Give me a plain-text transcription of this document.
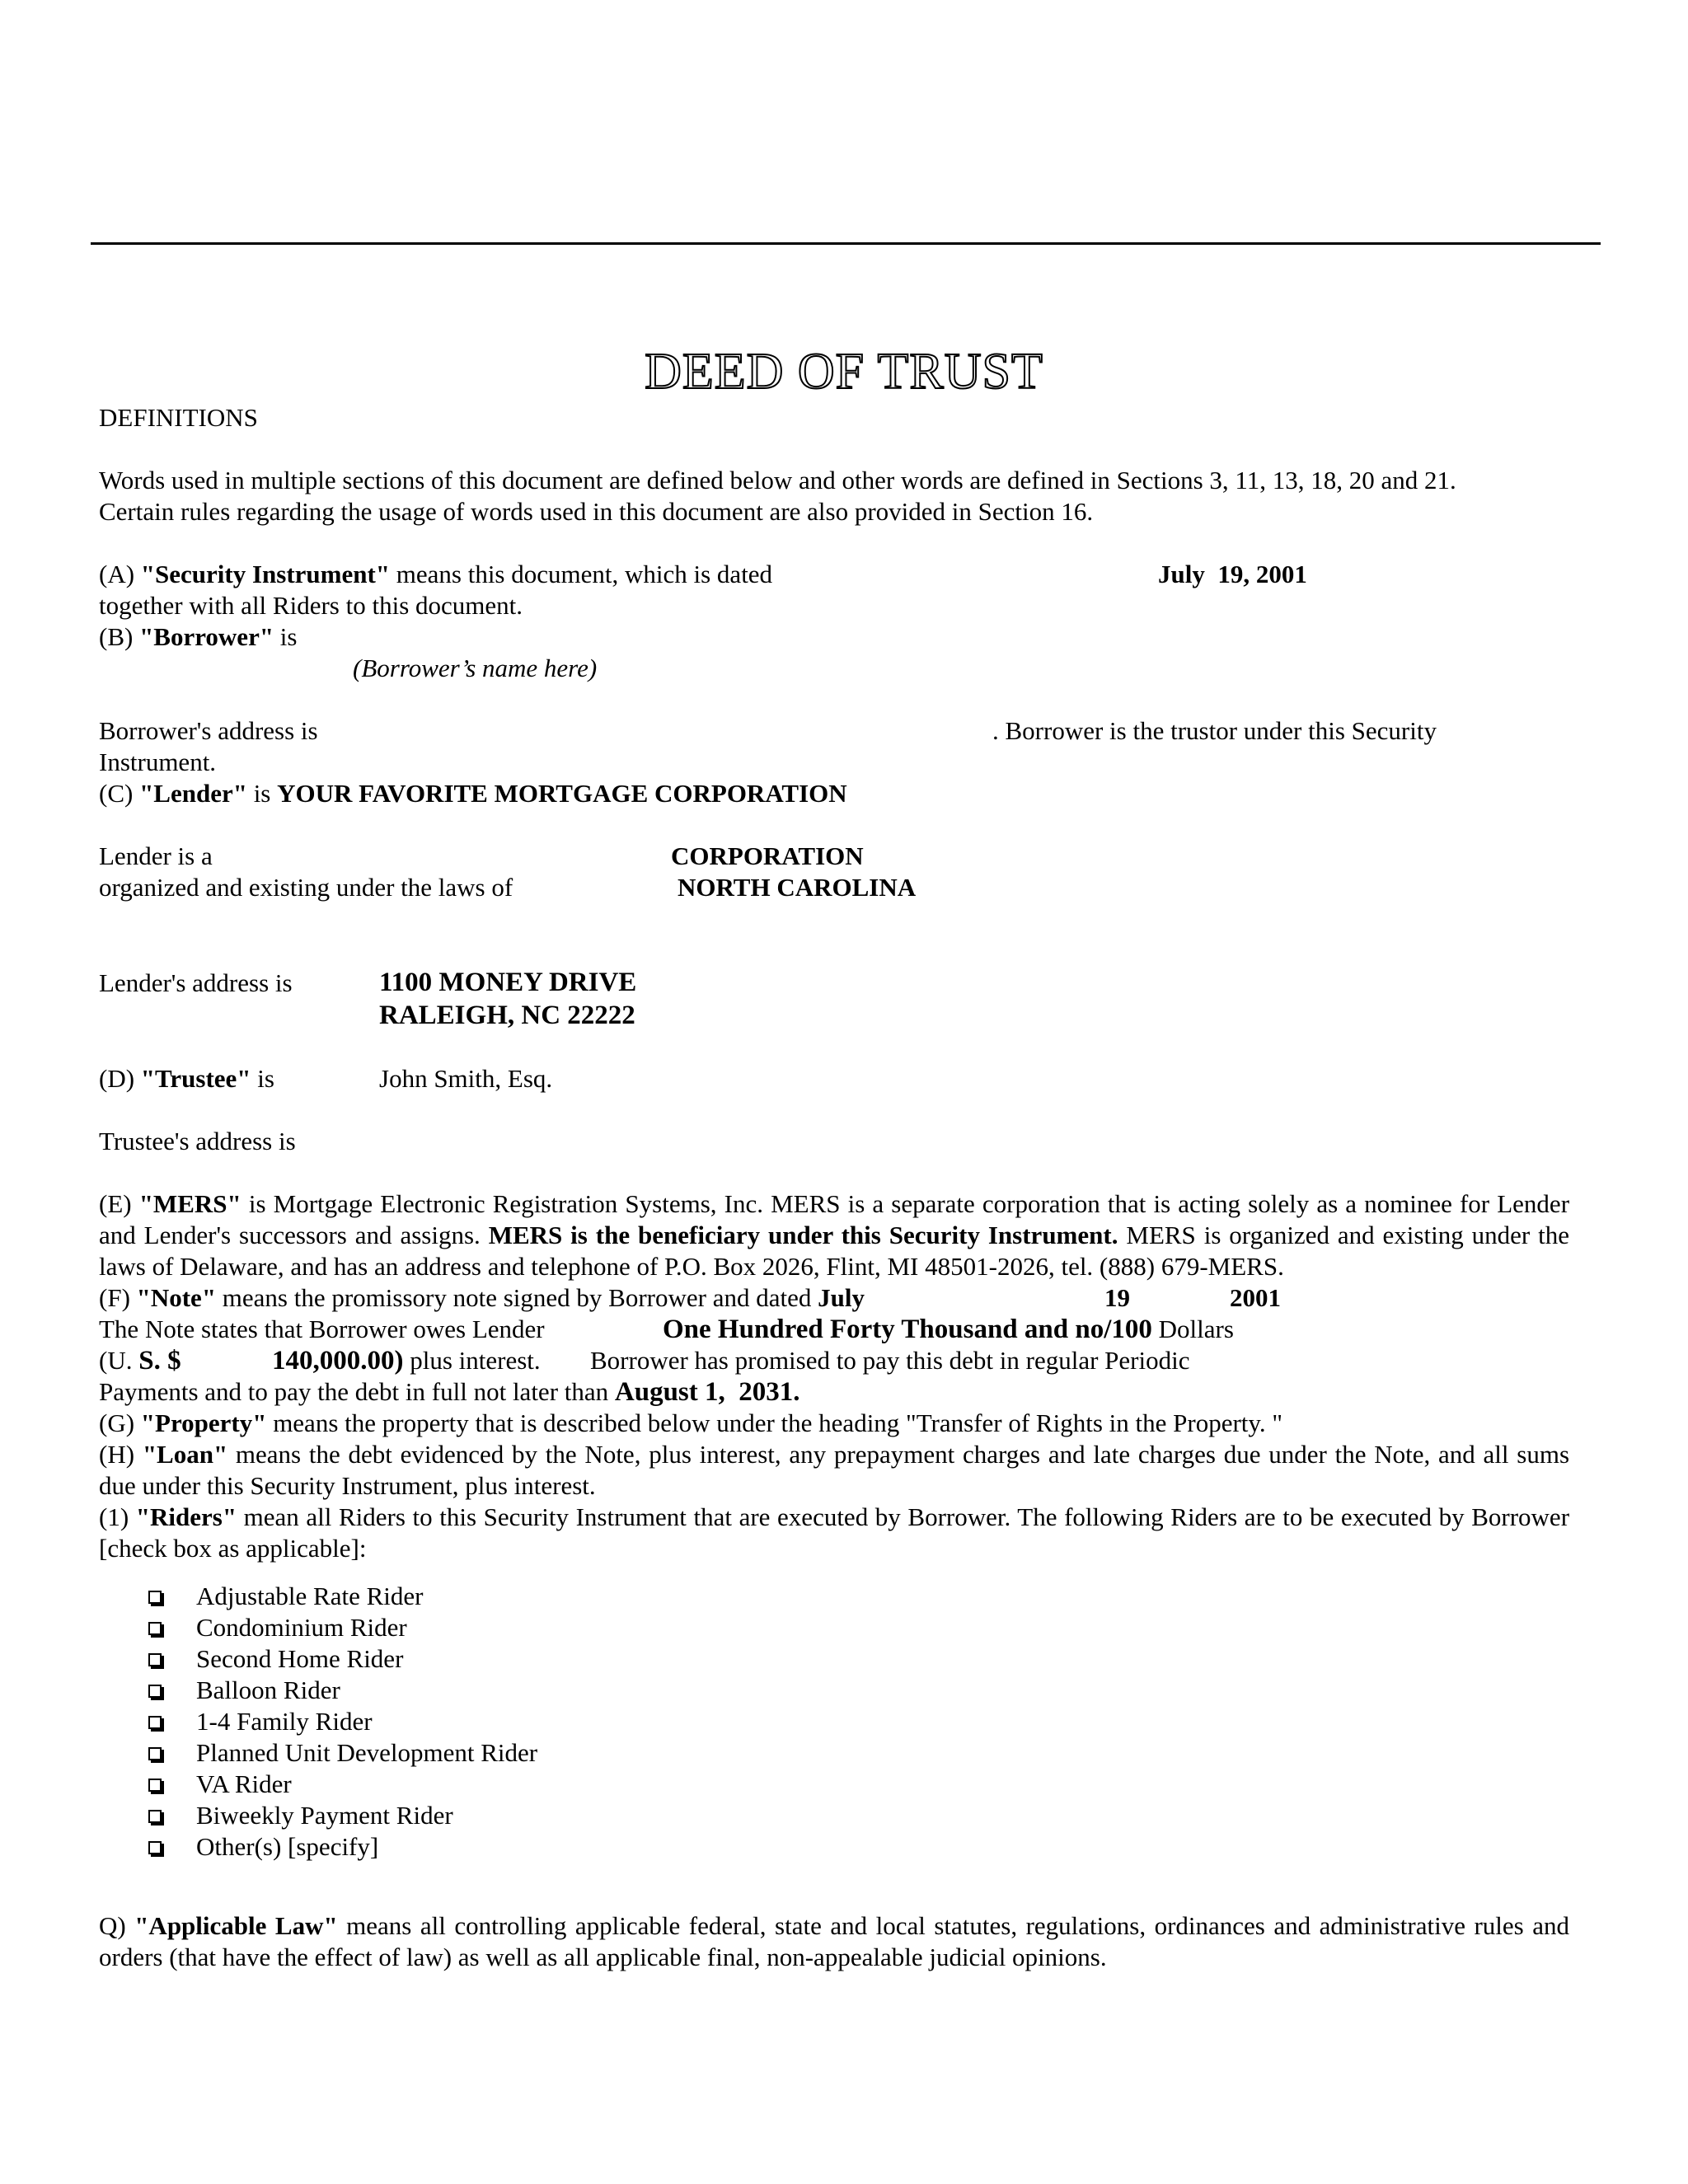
DEED OF TRUST
DEFINITIONS
Words used in multiple sections of this document are defined below and other words are defined in Sections 3, 11, 13, 18, 20 and 21.
Certain rules regarding the usage of words used in this document are also provided in Section 16.
(A) "Security Instrument" means this document, which is dated	July  19, 2001
together with all Riders to this document.
(B) "Borrower" is
(Borrower’s name here)
Borrower's address is	. Borrower is the trustor under this Security
Instrument.
(C) "Lender" is YOUR FAVORITE MORTGAGE CORPORATION
Lender is a	CORPORATION
organized and existing under the laws of	NORTH CAROLINA
Lender's address is	1100 MONEY DRIVE
RALEIGH, NC 22222
(D) "Trustee" is	John Smith, Esq.
Trustee's address is
(E) "MERS" is Mortgage Electronic Registration Systems, Inc. MERS is a separate corporation that is acting solely as a nominee for Lender and Lender's successors and assigns. MERS is the beneficiary under this Security Instrument. MERS is organized and existing under the laws of Delaware, and has an address and telephone of P.O. Box 2026, Flint, MI 48501-2026, tel. (888) 679-MERS.
(F) "Note" means the promissory note signed by Borrower and dated July	19	2001
The Note states that Borrower owes Lender	One Hundred Forty Thousand and no/100 Dollars
(U. S. $	140,000.00) plus interest. Borrower has promised to pay this debt in regular Periodic
Payments and to pay the debt in full not later than August 1,  2031.
(G) "Property" means the property that is described below under the heading "Transfer of Rights in the Property. "
(H) "Loan" means the debt evidenced by the Note, plus interest, any prepayment charges and late charges due under the Note, and all sums due under this Security Instrument, plus interest.
(1) "Riders" mean all Riders to this Security Instrument that are executed by Borrower. The following Riders are to be executed by Borrower [check box as applicable]:
Adjustable Rate Rider
Condominium Rider
Second Home Rider
Balloon Rider
1-4 Family Rider
Planned Unit Development Rider
VA Rider
Biweekly Payment Rider
Other(s) [specify]
Q) "Applicable Law" means all controlling applicable federal, state and local statutes, regulations, ordinances and administrative rules and orders (that have the effect of law) as well as all applicable final, non-appealable judicial opinions.
